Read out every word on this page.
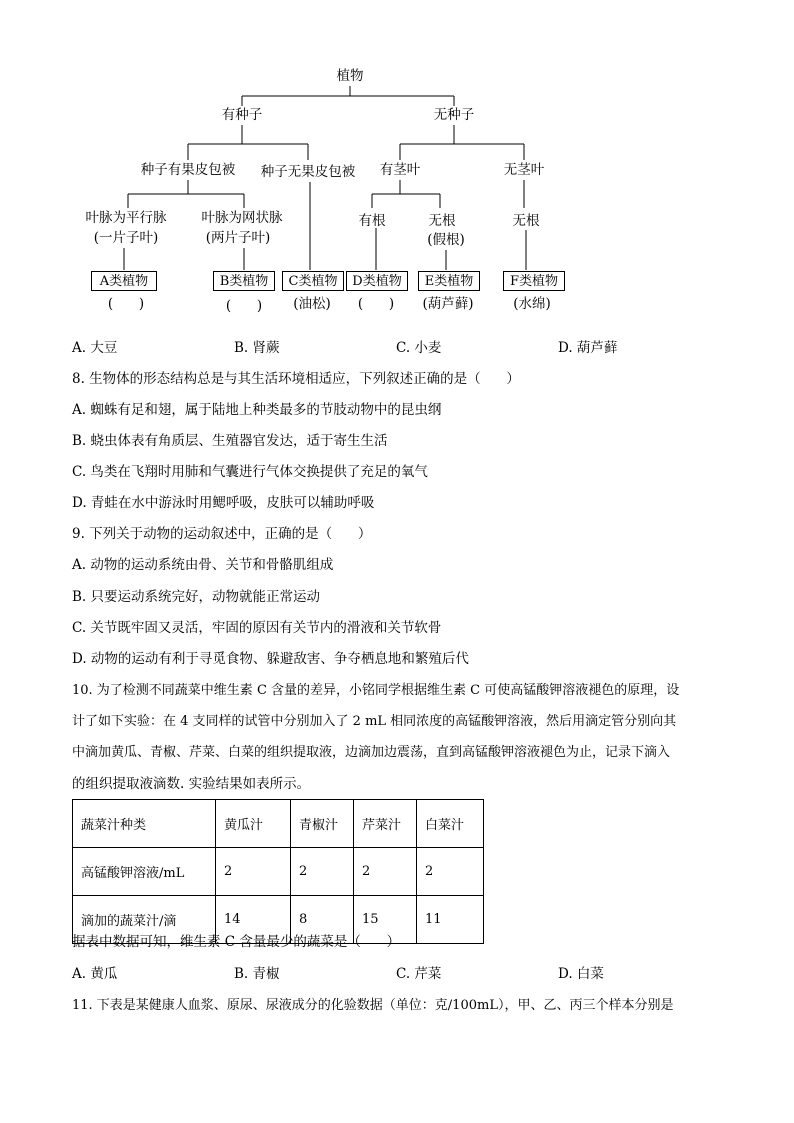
植物
有种子	无种子
种子有果皮包被 种子无果皮包被 有茎叶	无茎叶
叶脉为平行脉
(一片子叶)
叶脉为网状脉
(两片子叶)
有根	无根
(假根)
无根
A类植物	B类植物	C类植物	D类植物	E类植物	F类植物
(      )	(      ) (油松) (      ) (葫芦藓)	(水绵)
A. 大豆	B. 肾蕨	C. 小麦	D. 葫芦藓
8. 生物体的形态结构总是与其生活环境相适应，下列叙述正确的是（      ）
A. 蜘蛛有足和翅，属于陆地上种类最多的节肢动物中的昆虫纲
B. 蛲虫体表有角质层、生殖器官发达，适于寄生生活
C. 鸟类在飞翔时用肺和气囊进行气体交换提供了充足的氧气
D. 青蛙在水中游泳时用鳃呼吸，皮肤可以辅助呼吸
9. 下列关于动物的运动叙述中，正确的是（      ）
A. 动物的运动系统由骨、关节和骨骼肌组成
B. 只要运动系统完好，动物就能正常运动
C. 关节既牢固又灵活，牢固的原因有关节内的滑液和关节软骨
D. 动物的运动有利于寻觅食物、躲避敌害、争夺栖息地和繁殖后代
10. 为了检测不同蔬菜中维生素 C 含量的差异，小铭同学根据维生素 C 可使高锰酸钾溶液褪色的原理，设
计了如下实验：在 4 支同样的试管中分别加入了 2 mL 相同浓度的高锰酸钾溶液，然后用滴定管分别向其
中滴加黄瓜、青椒、芹菜、白菜的组织提取液，边滴加边震荡，直到高锰酸钾溶液褪色为止，记录下滴入
的组织提取液滴数. 实验结果如表所示。
蔬菜汁种类	黄瓜汁	青椒汁	芹菜汁	白菜汁
高锰酸钾溶液/mL	2	2	2	2
滴加的蔬菜汁/滴	14	8	15	11
据表中数据可知，维生素 C 含量最少的蔬菜是（      ）
A. 黄瓜	B. 青椒	C. 芹菜	D. 白菜
11. 下表是某健康人血浆、原尿、尿液成分的化验数据（单位：克/100mL），甲、乙、丙三个样本分别是
